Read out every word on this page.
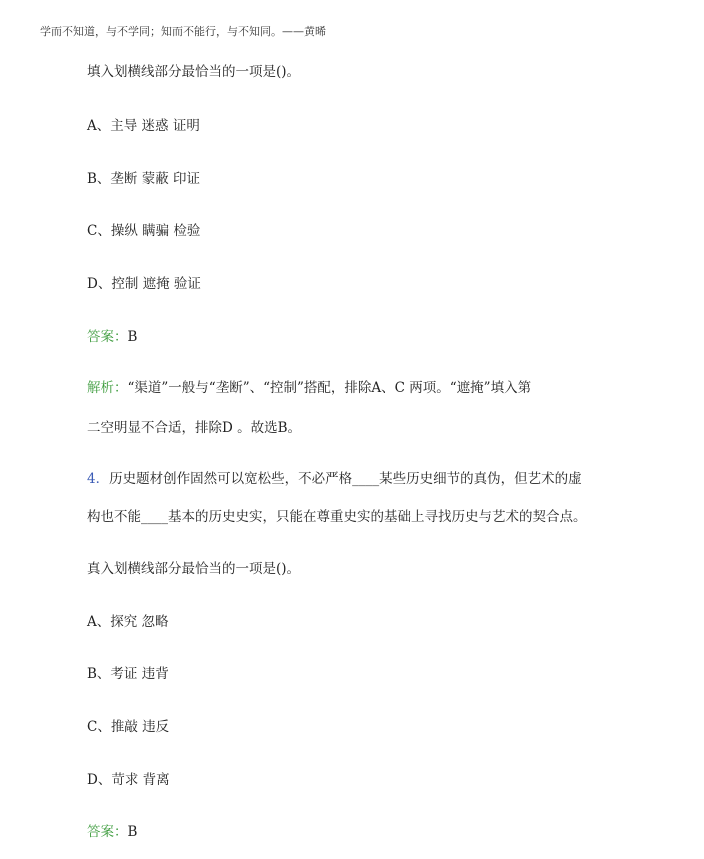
学而不知道，与不学同；知而不能行，与不知同。——黄晞
填入划横线部分最恰当的一项是()。
A、主导 迷惑 证明
B、垄断 蒙蔽 印证
C、操纵 瞒骗 检验
D、控制 遮掩 验证
答案：B
解析：“渠道”一般与“垄断”、“控制”搭配，排除A、C 两项。“遮掩”填入第
二空明显不合适，排除D 。故选B。
4．历史题材创作固然可以宽松些，不必严格____某些历史细节的真伪，但艺术的虚
构也不能____基本的历史史实，只能在尊重史实的基础上寻找历史与艺术的契合点。
真入划横线部分最恰当的一项是()。
A、探究 忽略
B、考证 违背
C、推敲 违反
D、苛求 背离
答案：B
